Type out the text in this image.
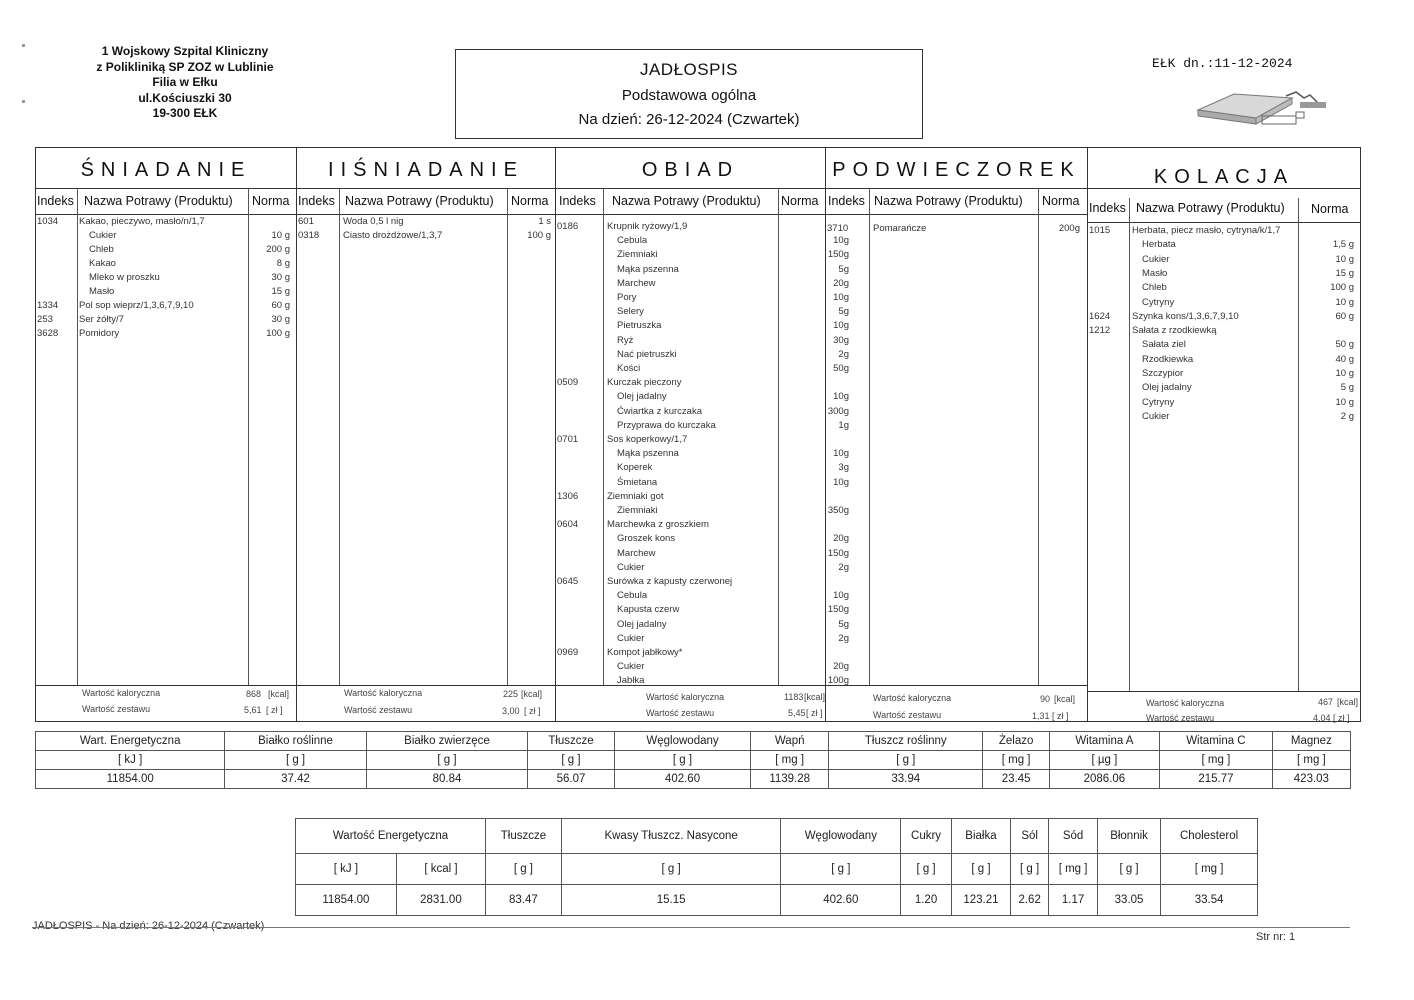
1 Wojskowy Szpital Kliniczny
z Polikliniką SP ZOZ w Lublinie
Filia w Ełku
ul.Kościuszki 30
19-300 EŁK
JADŁOSPIS
Podstawowa ogólna
Na dzień: 26-12-2024 (Czwartek)
EŁK dn.:11-12-2024
ŚNIADANIE
Indeks Nazwa Potrawy (Produktu) Norma
1034 Kakao, pieczywo, masło/n/1,7
Cukier	10 g
Chleb	200 g
Kakao	8 g
Mleko w proszku	30 g
Masło	15 g
1334 Pol sop wieprz/1,3,6,7,9,10	60 g
253	Ser żółty/7	30 g
3628 Pomidory	100 g
Wartość kaloryczna	868 [kcal]
Wartość zestawu	5,61 [ zł ]
IIŚNIADANIE
Indeks Nazwa Potrawy (Produktu) Norma
601	Woda 0,5 l nig	1 s
0318	Ciasto drożdżowe/1,3,7	100 g
Wartość kaloryczna	225 [kcal]
Wartość zestawu	3,00 [ zł ]
OBIAD
Indeks Nazwa Potrawy (Produktu) Norma
0186	Krupnik ryżowy/1,9
Cebula	10g
Ziemniaki	150g
Mąka pszenna	5g
Marchew	20g
Pory	10g
Selery	5g
Pietruszka	10g
Ryż	30g
Nać pietruszki	2g
Kości	50g
0509	Kurczak pieczony
Olej jadalny	10g
Ćwiartka z kurczaka	300g
Przyprawa do kurczaka	1g
0701	Sos koperkowy/1,7
Mąka pszenna	10g
Koperek	3g
Śmietana	10g
1306	Ziemniaki got
Ziemniaki	350g
0604	Marchewka z groszkiem
Groszek kons	20g
Marchew	150g
Cukier	2g
0645	Surówka z kapusty czerwonej
Cebula	10g
Kapusta czerw	150g
Olej jadalny	5g
Cukier	2g
0969	Kompot jabłkowy*
Cukier	20g
Jabłka	100g
Wartość kaloryczna	1183 [kcal]
Wartość zestawu	5,45 [ zł ]
PODWIECZOREK
Indeks Nazwa Potrawy (Produktu) Norma
3710	Pomarańcze	200g
Wartość kaloryczna	90 [kcal]
Wartość zestawu	1,31 [ zł ]
KOLACJA
Indeks Nazwa Potrawy (Produktu) Norma
1015 Herbata, piecz masło, cytryna/k/1,7
Herbata	1,5 g
Cukier	10 g
Masło	15 g
Chleb	100 g
Cytryny	10 g
1624 Szynka kons/1,3,6,7,9,10	60 g
1212 Sałata z rzodkiewką
Sałata ziel	50 g
Rzodkiewka	40 g
Szczypior	10 g
Olej jadalny	5 g
Cytryny	10 g
Cukier	2 g
Wartość kaloryczna	467 [kcal]
Wartość zestawu	4,04 [ zł ]
Wart. Energetyczna	Białko roślinne	Białko zwierzęce	Tłuszcze	Węglowodany	Wapń	Tłuszcz roślinny	Żelazo	Witamina A	Witamina C	Magnez
[ kJ ]	[ g ]	[ g ]	[ g ]	[ g ]	[ mg ]	[ g ]	[ mg ]	[ µg ]	[ mg ]	[ mg ]
11854.00	37.42	80.84	56.07	402.60	1139.28	33.94	23.45	2086.06	215.77	423.03
Wartość Energetyczna		Tłuszcze	Kwasy Tłuszcz. Nasycone	Węglowodany	Cukry	Białka	Sól	Sód	Błonnik	Cholesterol
[ kJ ]	[ kcal ]	[ g ]	[ g ]	[ g ]	[ g ]	[ g ]	[ g ]	[ mg ]	[ g ]	[ mg ]
11854.00	2831.00	83.47	15.15	402.60	1.20	123.21	2.62	1.17	33.05	33.54
JADŁOSPIS - Na dzień: 26-12-2024 (Czwartek)
Str nr: 1
